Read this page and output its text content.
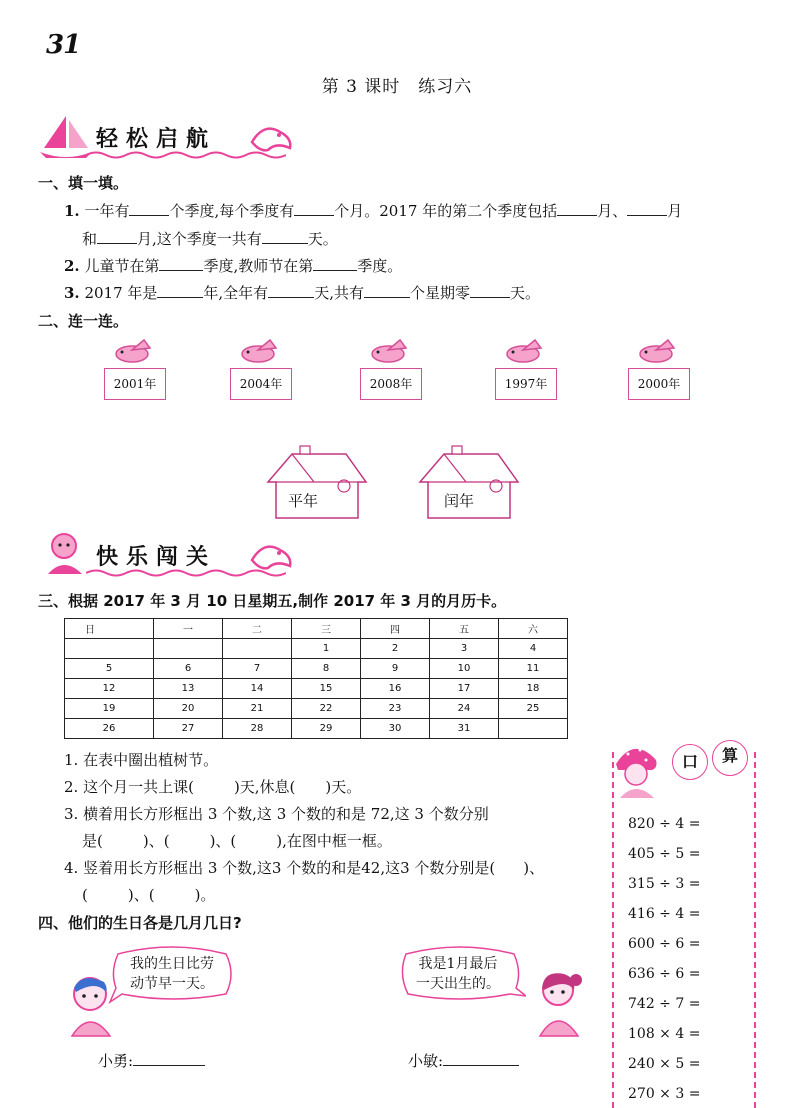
31
第 3 课时　练习六
轻松启航
一、填一填。
1. 一年有	个季度,每个季度有	个月。2017 年的第二个季度包括	月、	月
和	月,这个季度一共有	天。
2. 儿童节在第	季度,教师节在第	季度。
3. 2017 年是	年,全年有	天,共有	个星期零	天。
二、连一连。
2001年	2004年	2008年	1997年	2000年
平年	闰年
快乐闯关
三、根据 2017 年 3 月 10 日星期五,制作 2017 年 3 月的月历卡。
日	一	二	三	四	五	六
			1	2	3	4
5	6	7	8	9	10	11
12	13	14	15	16	17	18
19	20	21	22	23	24	25
26	27	28	29	30	31	
1. 在表中圈出植树节。
2. 这个月一共上课(	)天,休息( )天。
3. 横着用长方形框出 3 个数,这 3 个数的和是 72,这 3 个数分别
是(	)、(	)、(	),在图中框一框。
4. 竖着用长方形框出 3 个数,这3 个数的和是42,这3 个数分别是( )、
(	)、(	)。
四、他们的生日各是几月几日?
我的生日比劳
动节早一天。
小勇:
我是1月最后
一天出生的。
小敏:
口	算
820 ÷ 4 =
405 ÷ 5 =
315 ÷ 3 =
416 ÷ 4 =
600 ÷ 6 =
636 ÷ 6 =
742 ÷ 7 =
108 × 4 =
240 × 5 =
270 × 3 =
